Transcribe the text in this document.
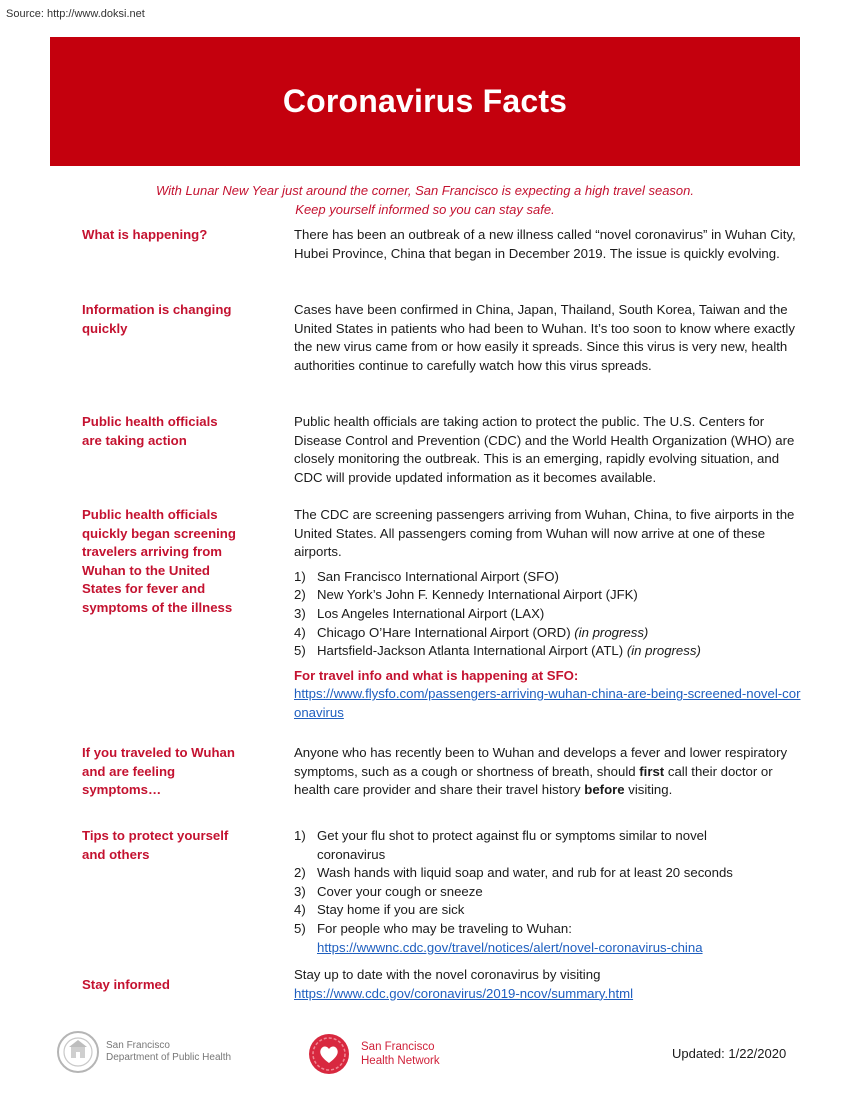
Source: http://www.doksi.net
Coronavirus Facts
With Lunar New Year just around the corner, San Francisco is expecting a high travel season.
Keep yourself informed so you can stay safe.
What is happening?	There has been an outbreak of a new illness called “novel coronavirus” in Wuhan City, Hubei Province, China that began in December 2019. The issue is quickly evolving.

Information is changing quickly

Cases have been confirmed in China, Japan, Thailand, South Korea, Taiwan and the United States in patients who had been to Wuhan. It’s too soon to know where exactly the new virus came from or how easily it spreads. Since this virus is very new, health authorities continue to carefully watch how this virus spreads.

Public health officials are taking action

Public health officials are taking action to protect the public. The U.S. Centers for Disease Control and Prevention (CDC) and the World Health Organization (WHO) are closely monitoring the outbreak. This is an emerging, rapidly evolving situation, and CDC will provide updated information as it becomes available.

Public health officials quickly began screening travelers arriving from Wuhan to the United States for fever and symptoms of the illness

The CDC are screening passengers arriving from Wuhan, China, to five airports in the United States. All passengers coming from Wuhan will now arrive at one of these airports.

1) San Francisco International Airport (SFO)
2) New York’s John F. Kennedy International Airport (JFK)
3) Los Angeles International Airport (LAX)
4) Chicago O’Hare International Airport (ORD) (in progress)
5) Hartsfield-Jackson Atlanta International Airport (ATL) (in progress)
For travel info and what is happening at SFO:
https://www.flysfo.com/passengers-arriving-wuhan-china-are-being-screened-novel-coronavirus
If you traveled to Wuhan and are feeling symptoms…

Anyone who has recently been to Wuhan and develops a fever and lower respiratory symptoms, such as a cough or shortness of breath, should first call their doctor or health care provider and share their travel history before visiting.

Tips to protect yourself and others
1) Get your flu shot to protect against flu or symptoms similar to novel coronavirus
2) Wash hands with liquid soap and water, and rub for at least 20 seconds
3) Cover your cough or sneeze
4) Stay home if you are sick
5) For people who may be traveling to Wuhan:
https://wwwnc.cdc.gov/travel/notices/alert/novel-coronavirus-china
Stay informed

Stay up to date with the novel coronavirus by visiting

https://www.cdc.gov/coronavirus/2019-ncov/summary.html
San Francisco
Department of Public Health
San Francisco
Health Network	Updated: 1/22/2020
